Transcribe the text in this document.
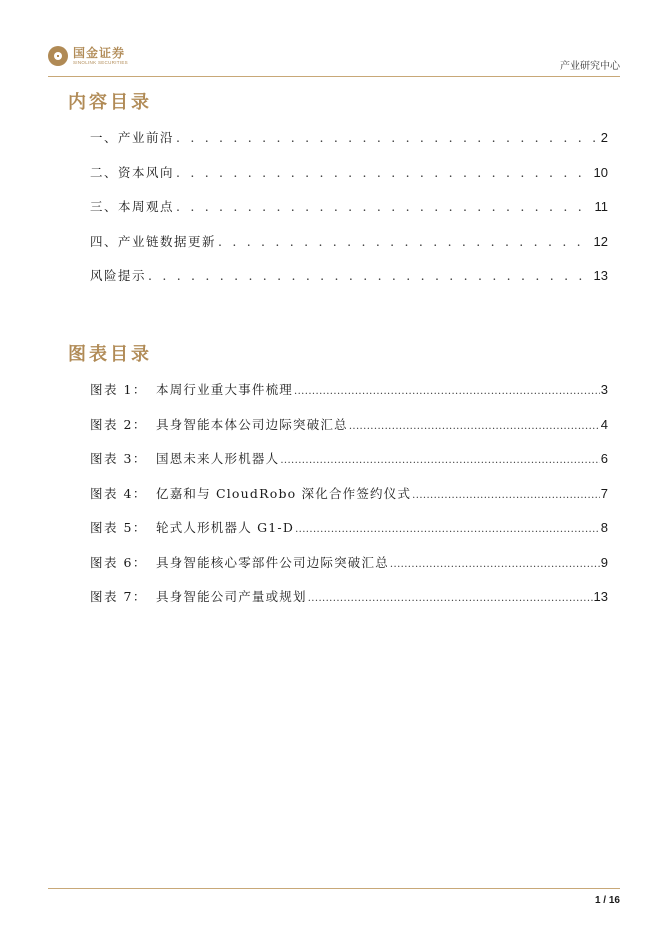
国金证券
SINOLINK SECURITIES	产业研究中心
内容目录
一、产业前沿 . . .	2
二、资本风向 . . .	10
三、本周观点 . . .	11
四、产业链数据更新 . . .	12
风险提示 . . .	13
图表目录
图表 1： 本周行业重大事件梳理 .....	3
图表 2： 具身智能本体公司边际突破汇总 .....	4
图表 3： 国恩未来人形机器人 .....	6
图表 4： 亿嘉和与 CloudRobo 深化合作签约仪式 .....	7
图表 5： 轮式人形机器人 G1-D .....	8
图表 6： 具身智能核心零部件公司边际突破汇总 .....	9
图表 7： 具身智能公司产量或规划 .....	13
1 / 16
